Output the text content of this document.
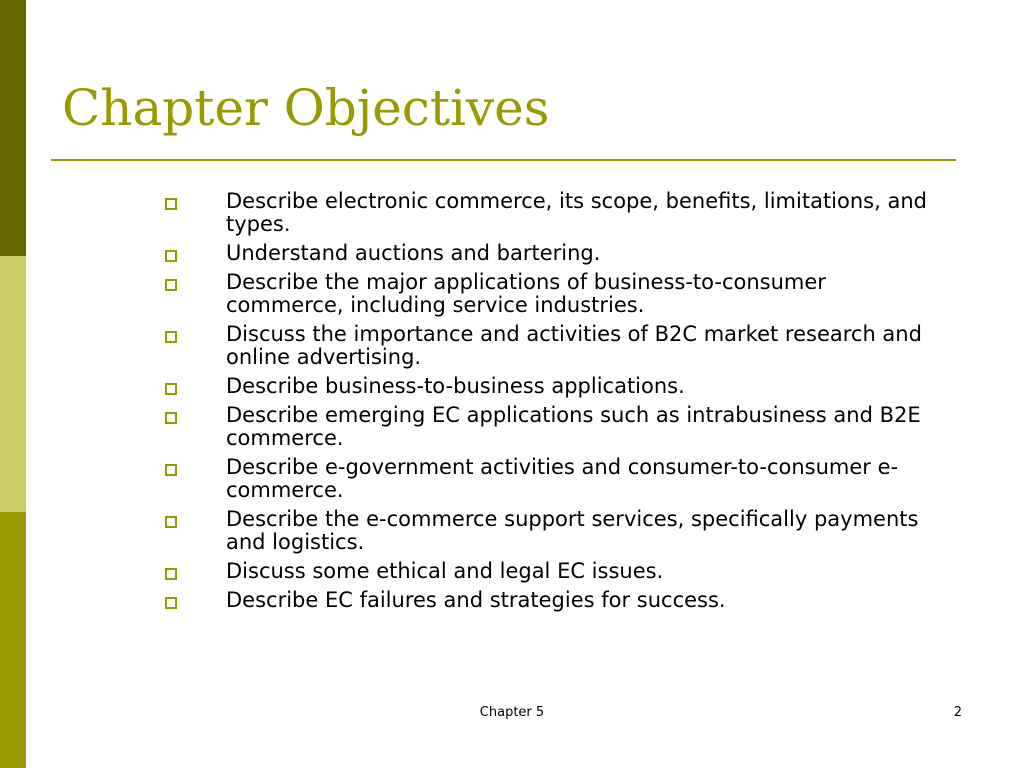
Chapter Objectives
Describe electronic commerce, its scope, benefits, limitations, and types.
Understand auctions and bartering.
Describe the major applications of business-to-consumer commerce, including service industries.
Discuss the importance and activities of B2C market research and online advertising.
Describe business-to-business applications.
Describe emerging EC applications such as intrabusiness and B2E commerce.
Describe e-government activities and consumer-to-consumer e-commerce.
Describe the e-commerce support services, specifically payments and logistics.
Discuss some ethical and legal EC issues.
Describe EC failures and strategies for success.
Chapter 5	2
